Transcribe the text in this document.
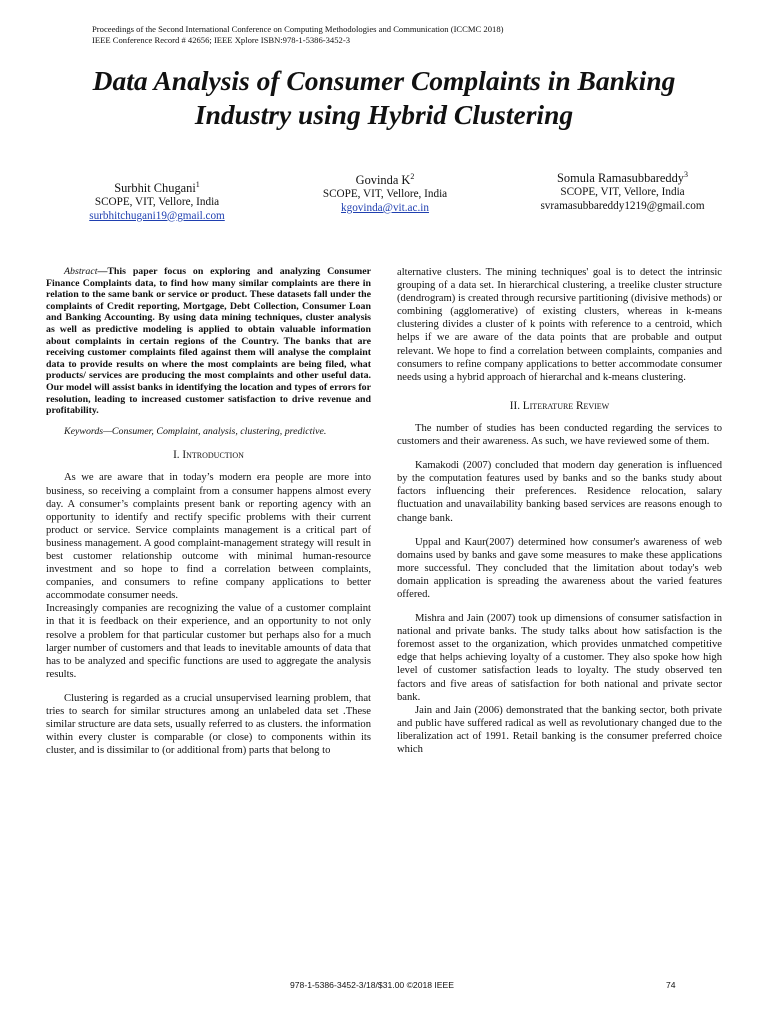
Proceedings of the Second International Conference on Computing Methodologies and Communication (ICCMC 2018)
IEEE Conference Record # 42656; IEEE Xplore ISBN:978-1-5386-3452-3
Data Analysis of Consumer Complaints in Banking
Industry using Hybrid Clustering
Surbhit Chugani$^1$
SCOPE, VIT, Vellore, India
surbhitchugani19@gmail.com
Govinda $K^2$
SCOPE, VIT, Vellore, India
kgovinda@vit.ac.in
Somula Ramasubbareddy$^3$
SCOPE, VIT, Vellore, India
svramasubbareddy1219@gmail.com

Abstract—This paper focus on exploring and analyzing Consumer Finance Complaints data, to find how many similar complaints are there in relation to the same bank or service or product. These datasets fall under the complaints of Credit reporting, Mortgage, Debt Collection, Consumer Loan and Banking Accounting. By using data mining techniques, cluster analysis as well as predictive modeling is applied to obtain valuable information about complaints in certain regions of the Country. The banks that are receiving customer complaints filed against them will analyse the complaint data to provide results on where the most complaints are being filed, what products/ services are producing the most complaints and other useful data. Our model will assist banks in identifying the location and types of errors for resolution, leading to increased customer satisfaction to drive revenue and profitability.

Keywords—Consumer, Complaint, analysis, clustering, predictive.

I. Introduction

As we are aware that in today’s modern era people are more into business, so receiving a complaint from a consumer happens almost every day. A consumer’s complaints present bank or reporting agency with an opportunity to identify and rectify specific problems with their current product or service. Service complaints management is a critical part of business management. A good complaint-management strategy will result in best customer relationship outcome with minimal human-resource investment and so hope to find a correlation between complaints, companies, and consumers to refine company applications to better accommodate consumer needs.

Increasingly companies are recognizing the value of a customer complaint in that it is feedback on their experience, and an opportunity to not only resolve a problem for that particular customer but perhaps also for a much larger number of customers and that leads to inevitable amounts of data that has to be analyzed and specific functions are used to aggregate the analysis results.

Clustering is regarded as a crucial unsupervised learning problem, that tries to search for similar structures among an unlabeled data set .These similar structure are data sets, usually referred to as clusters. the information within every cluster is comparable (or close) to components within its cluster, and is dissimilar to (or additional from) parts that belong to

alternative clusters. The mining techniques' goal is to detect the intrinsic grouping of a data set. In hierarchical clustering, a treelike cluster structure (dendrogram) is created through recursive partitioning (divisive methods) or combining (agglomerative) of existing clusters, whereas in k-means clustering divides a cluster of k points with reference to a centroid, which helps if we are aware of the data points that are probable and output relevant. We hope to find a correlation between complaints, companies and consumers to refine company applications to better accommodate consumer needs using a hybrid approach of hierarchal and k-means clustering.

II. Literature Review

The number of studies has been conducted regarding the services to customers and their awareness. As such, we have reviewed some of them.

Kamakodi (2007) concluded that modern day generation is influenced by the computation features used by banks and so the banks study about factors influencing their preferences. Residence relocation, salary fluctuation and unavailability banking based services are reasons enough to change bank.

Uppal and Kaur(2007) determined how consumer's awareness of web domains used by banks and gave some measures to make these applications more successful. They concluded that the limitation about today's web domain application is spreading the awareness about the varied features offered.

Mishra and Jain (2007) took up dimensions of consumer satisfaction in national and private banks. The study talks about how satisfaction is the foremost asset to the organization, which provides unmatched competitive edge that helps achieving loyalty of a customer. They also spoke how high level of customer satisfaction leads to loyalty. The study observed ten factors and five areas of satisfaction for both national and private sector bank.

Jain and Jain (2006) demonstrated that the banking sector, both private and public have suffered radical as well as revolutionary changed due to the liberalization act of 1991. Retail banking is the consumer preferred choice which

978-1-5386-3452-3/18/$31.00 ©2018 IEEE	74
